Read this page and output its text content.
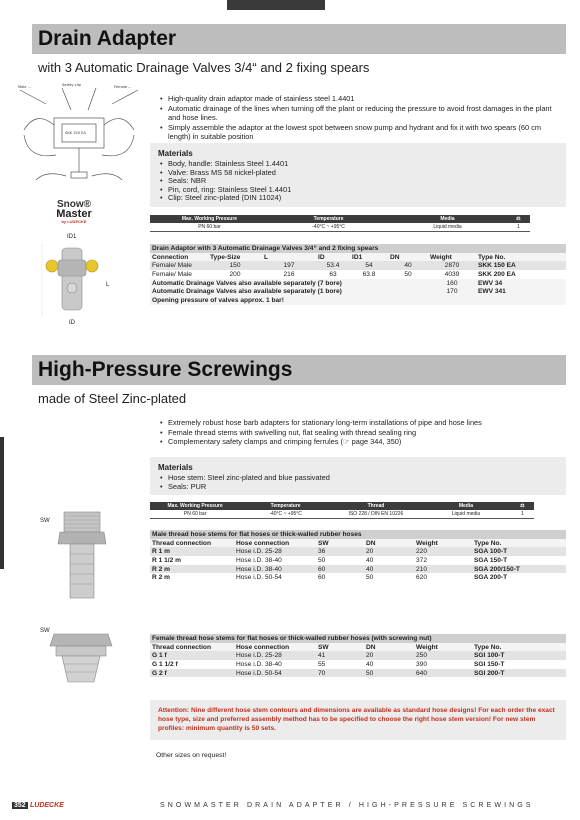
Drain Adapter
with 3 Automatic Drainage Valves 3/4“ and 2 fixing spears
Male ...	Safety clip	Female ...
SKK 150 EA
Snow®
Master
by LUDECKE
ID1
L
ID
• High-quality drain adaptor made of stainless steel 1.4401
• Automatic drainage of the lines when turning off the plant or reducing the pressure to avoid frost damages in the plant and hose lines.
• Simply assemble the adaptor at the lowest spot between snow pump and hydrant and fix it with two spears (60 cm length) in suitable position
Materials
• Body, handle: Stainless Steel 1.4401
• Valve: Brass MS 58 nickel-plated
• Seals: NBR
• Pin, cord, ring: Stainless Steel 1.4401
• Clip: Steel zinc-plated (DIN 11024)
Max. Working Pressure	Temperature	Media	⚖
PN 60 bar	-40°C ~ +95°C	Liquid media	1
Drain Adaptor with 3 Automatic Drainage Valves 3/4“ and 2 fixing spears							
Connection	Type-Size	L	ID	ID1	DN	Weight	Type No.
Female/ Male	150	197	53.4	54	40	2870	SKK 150 EA
Female/ Male	200	216	63	63.8	50	4039	SKK 200 EA
Automatic Drainage Valves also available separately (7 bore)						160	EWV 34
Automatic Drainage Valves also available separately (1 bore)						170	EWV 341
Opening pressure of valves approx. 1 bar!							
High-Pressure Screwings
made of Steel Zinc-plated
• Extremely robust hose barb adapters for stationary long-term installations of pipe and hose lines
• Female thread stems with swivelling nut, flat sealing with thread sealing ring
• Complementary safety clamps and crimping ferrules (☞ page 344, 350)
Materials
• Hose stem: Steel zinc-plated and blue passivated
• Seals: PUR
Max. Working Pressure	Temperature	Thread	Media	⚖
PN 60 bar	-40°C ~ +95°C	ISO 228 / DIN EN 10226	Liquid media	1
SW
Male thread hose stems for flat hoses or thick-walled rubber hoses					
Thread connection	Hose connection	SW	DN	Weight	Type No.
R 1 m	Hose i.D. 25-28	36	20	220	SGA 100-T
R 1 1/2 m	Hose i.D. 38-40	50	40	372	SGA 150-T
R 2 m	Hose i.D. 38-40	60	40	210	SGA 200/150-T
R 2 m	Hose i.D. 50-54	60	50	620	SGA 200-T
SW
Female thread hose stems for flat hoses or thick-walled rubber hoses (with screwing nut)					
Thread connection	Hose connection	SW	DN	Weight	Type No.
G 1 f	Hose i.D. 25-28	41	20	250	SGI 100-T
G 1 1/2 f	Hose i.D. 38-40	55	40	390	SGI 150-T
G 2 f	Hose i.D. 50-54	70	50	640	SGI 200-T
Attention: Nine different hose stem contours and dimensions are available as standard hose designs! For each order the exact hose type, size and preferred assembly method has to be specified to choose the right hose stem version! For new stem profiles: minimum quantity is 50 sets.
Other sizes on request!
352 LUDECKE	SNOWMASTER DRAIN ADAPTER / HIGH-PRESSURE SCREWINGS
